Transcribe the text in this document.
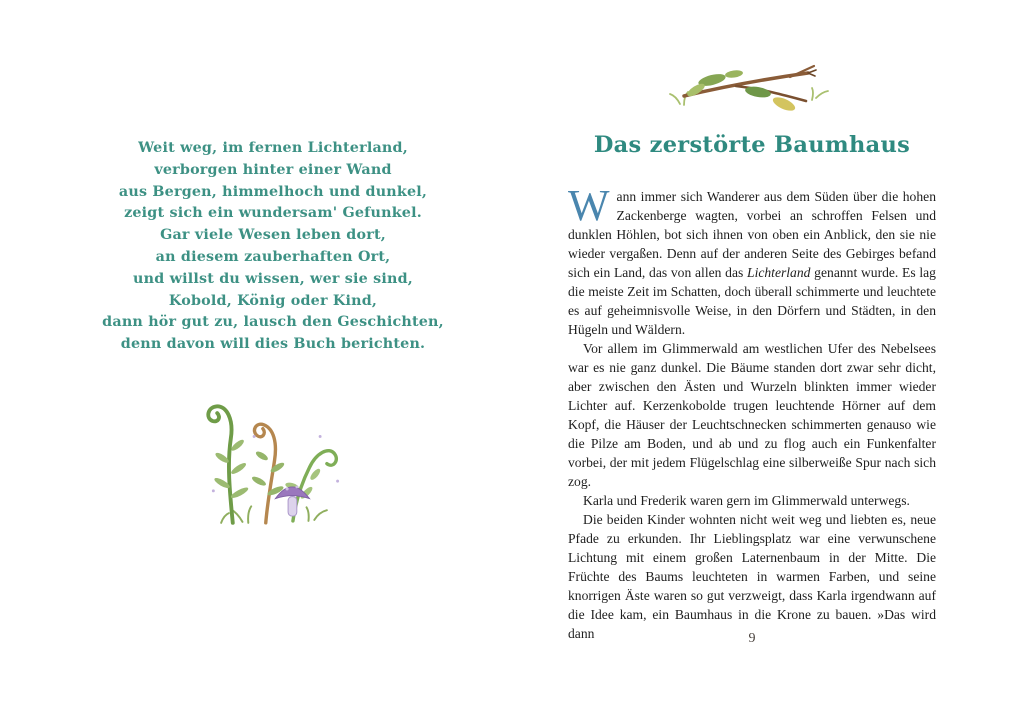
Weit weg, im fernen Lichterland,
verborgen hinter einer Wand
aus Bergen, himmelhoch und dunkel,
zeigt sich ein wundersam' Gefunkel.
Gar viele Wesen leben dort,
an diesem zauberhaften Ort,
und willst du wissen, wer sie sind,
Kobold, König oder Kind,
dann hör gut zu, lausch den Geschichten,
denn davon will dies Buch berichten.
Das zerstörte Baumhaus
Wann immer sich Wanderer aus dem Süden über die hohen Zackenberge wagten, vorbei an schroffen Felsen und dunklen Höhlen, bot sich ihnen von oben ein Anblick, den sie nie wieder vergaßen. Denn auf der anderen Seite des Gebirges befand sich ein Land, das von allen das Lichterland genannt wurde. Es lag die meiste Zeit im Schatten, doch überall schimmerte und leuchtete es auf geheimnisvolle Weise, in den Dörfern und Städten, in den Hügeln und Wäldern.
Vor allem im Glimmerwald am westlichen Ufer des Nebelsees war es nie ganz dunkel. Die Bäume standen dort zwar sehr dicht, aber zwischen den Ästen und Wurzeln blinkten immer wieder Lichter auf. Kerzenkobolde trugen leuchtende Hörner auf dem Kopf, die Häuser der Leuchtschnecken schimmerten genauso wie die Pilze am Boden, und ab und zu flog auch ein Funkenfalter vorbei, der mit jedem Flügelschlag eine silberweiße Spur nach sich zog.
Karla und Frederik waren gern im Glimmerwald unterwegs.
Die beiden Kinder wohnten nicht weit weg und liebten es, neue Pfade zu erkunden. Ihr Lieblingsplatz war eine verwunschene Lichtung mit einem großen Laternenbaum in der Mitte. Die Früchte des Baums leuchteten in warmen Farben, und seine knorrigen Äste waren so gut verzweigt, dass Karla irgendwann auf die Idee kam, ein Baumhaus in die Krone zu bauen. »Das wird dann	9
